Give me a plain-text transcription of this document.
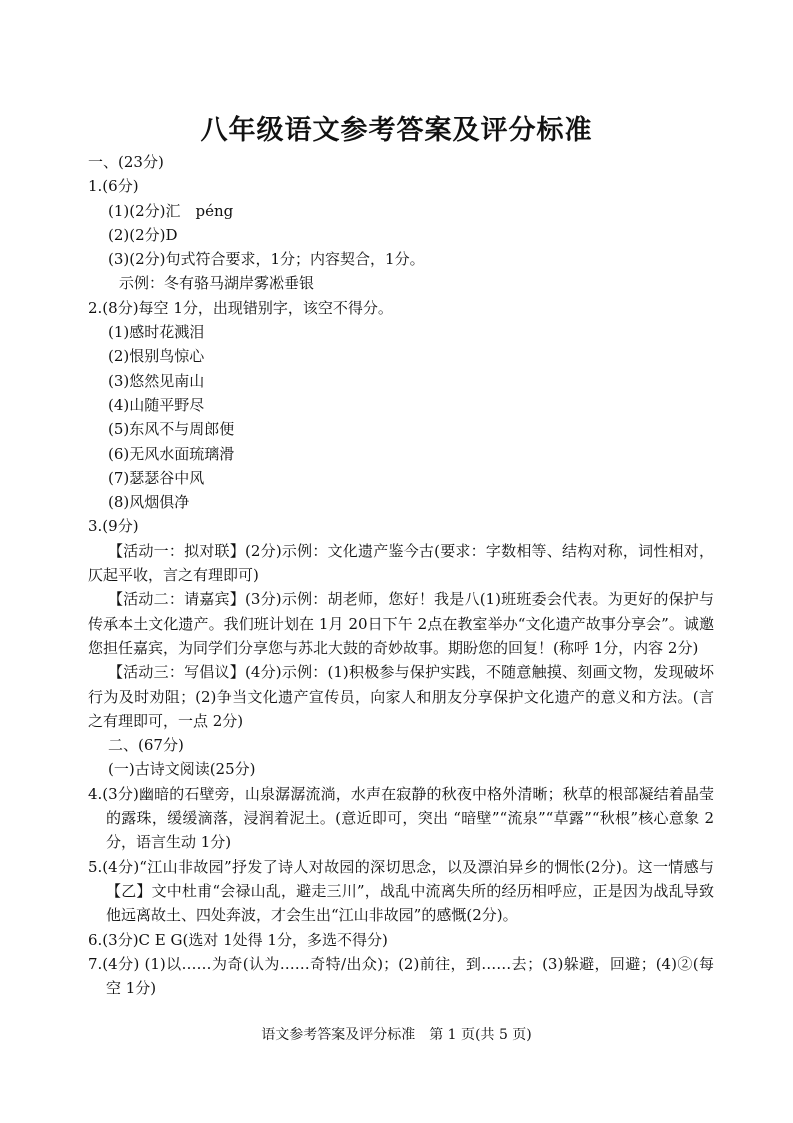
八年级语文参考答案及评分标准
一、(23分)
1.(6分)
(1)(2分)汇　péng
(2)(2分)D
(3)(2分)句式符合要求，1分；内容契合，1分。
示例：冬有骆马湖岸雾凇垂银
2.(8分)每空 1分，出现错别字，该空不得分。
(1)感时花溅泪
(2)恨别鸟惊心
(3)悠然见南山
(4)山随平野尽
(5)东风不与周郎便
(6)无风水面琉璃滑
(7)瑟瑟谷中风
(8)风烟俱净
3.(9分)
【活动一：拟对联】(2分)示例：文化遗产鉴今古(要求：字数相等、结构对称，词性相对，仄起平收，言之有理即可)
【活动二：请嘉宾】(3分)示例：胡老师，您好！我是八(1)班班委会代表。为更好的保护与传承本土文化遗产。我们班计划在 1月 20日下午 2点在教室举办“文化遗产故事分享会”。诚邀您担任嘉宾，为同学们分享您与苏北大鼓的奇妙故事。期盼您的回复！(称呼 1分，内容 2分)
【活动三：写倡议】(4分)示例：(1)积极参与保护实践，不随意触摸、刻画文物，发现破坏行为及时劝阻；(2)争当文化遗产宣传员，向家人和朋友分享保护文化遗产的意义和方法。(言之有理即可，一点 2分)
二、(67分)
(一)古诗文阅读(25分)
4.(3分)幽暗的石壁旁，山泉潺潺流淌，水声在寂静的秋夜中格外清晰；秋草的根部凝结着晶莹的露珠，缓缓滴落，浸润着泥土。(意近即可，突出 “暗壁”“流泉”“草露”“秋根”核心意象 2分，语言生动 1分)
5.(4分)“江山非故园”抒发了诗人对故园的深切思念，以及漂泊异乡的惆怅(2分)。这一情感与【乙】文中杜甫“会禄山乱，避走三川”，战乱中流离失所的经历相呼应，正是因为战乱导致他远离故土、四处奔波，才会生出“江山非故园”的感慨(2分)。
6.(3分)C E G(选对 1处得 1分，多选不得分)
7.(4分) (1)以……为奇(认为……奇特/出众)；(2)前往，到……去；(3)躲避，回避；(4)②(每空 1分)
语文参考答案及评分标准　第 1 页(共 5 页)
